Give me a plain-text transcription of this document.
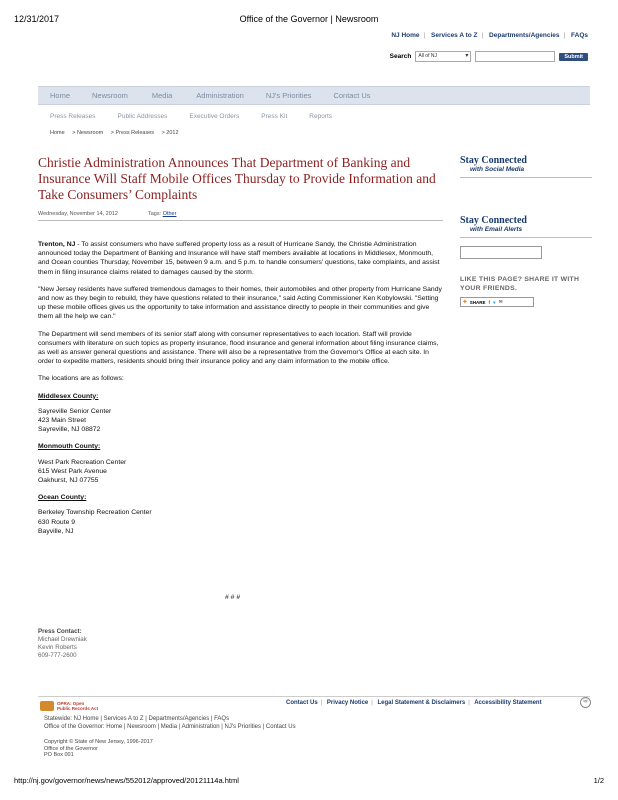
12/31/2017	Office of the Governor | Newsroom
NJ Home | Services A to Z | Departments/Agencies | FAQs
Search	All of NJ ▾	Submit
Home	Newsroom	Media	Administration	NJ's Priorities	Contact Us
Press Releases	Public Addresses	Executive Orders	Press Kit	Reports
Home > Newsroom > Press Releases > 2012
Christie Administration Announces That Department of Banking and Insurance Will Staff Mobile Offices Thursday to Provide Information and Take Consumers’ Complaints
Wednesday, November 14, 2012	Tags: Other

Trenton, NJ - To assist consumers who have suffered property loss as a result of Hurricane Sandy, the Christie Administration announced today the Department of Banking and Insurance will have staff members available at locations in Middlesex, Monmouth, and Ocean counties Thursday, November 15, between 9 a.m. and 5 p.m. to handle consumers' questions, take complaints, and assist them in filing insurance claims related to damages caused by the storm.

"New Jersey residents have suffered tremendous damages to their homes, their automobiles and other property from Hurricane Sandy and now as they begin to rebuild, they have questions related to their insurance," said Acting Commissioner Ken Kobylowski. "Setting up these mobile offices gives us the opportunity to take information and assistance directly to people in their communities and give them all the help we can."

The Department will send members of its senior staff along with consumer representatives to each location. Staff will provide consumers with literature on such topics as property insurance, flood insurance and general information about filing insurance claims, as well as answer general questions and assistance. There will also be a representative from the Governor's Office at each site. In order to expedite matters, residents should bring their insurance policy and any claim information to the mobile office.

The locations are as follows:

Middlesex County:
Sayreville Senior Center
423 Main Street
Sayreville, NJ 08872
Monmouth County:
West Park Recreation Center
615 West Park Avenue
Oakhurst, NJ 07755
Ocean County:
Berkeley Township Recreation Center
630 Route 9
Bayville, NJ
# # #
Press Contact:
Michael Drewniak
Kevin Roberts
609-777-2600
Stay Connected
with Social Media
Stay Connected
with Email Alerts
LIKE THIS PAGE? SHARE IT WITH YOUR FRIENDS.
✚ SHARE f ♥ ✉
OPRA: Open
Public Records Act
Contact Us | Privacy Notice | Legal Statement & Disclaimers | Accessibility Statement	♾
Statewide: NJ Home | Services A to Z | Departments/Agencies | FAQs
Office of the Governor: Home | Newsroom | Media | Administration | NJ's Priorities | Contact Us
Copyright © State of New Jersey, 1996-2017
Office of the Governor
PO Box 001
http://nj.gov/governor/news/news/552012/approved/20121114a.html	1/2
